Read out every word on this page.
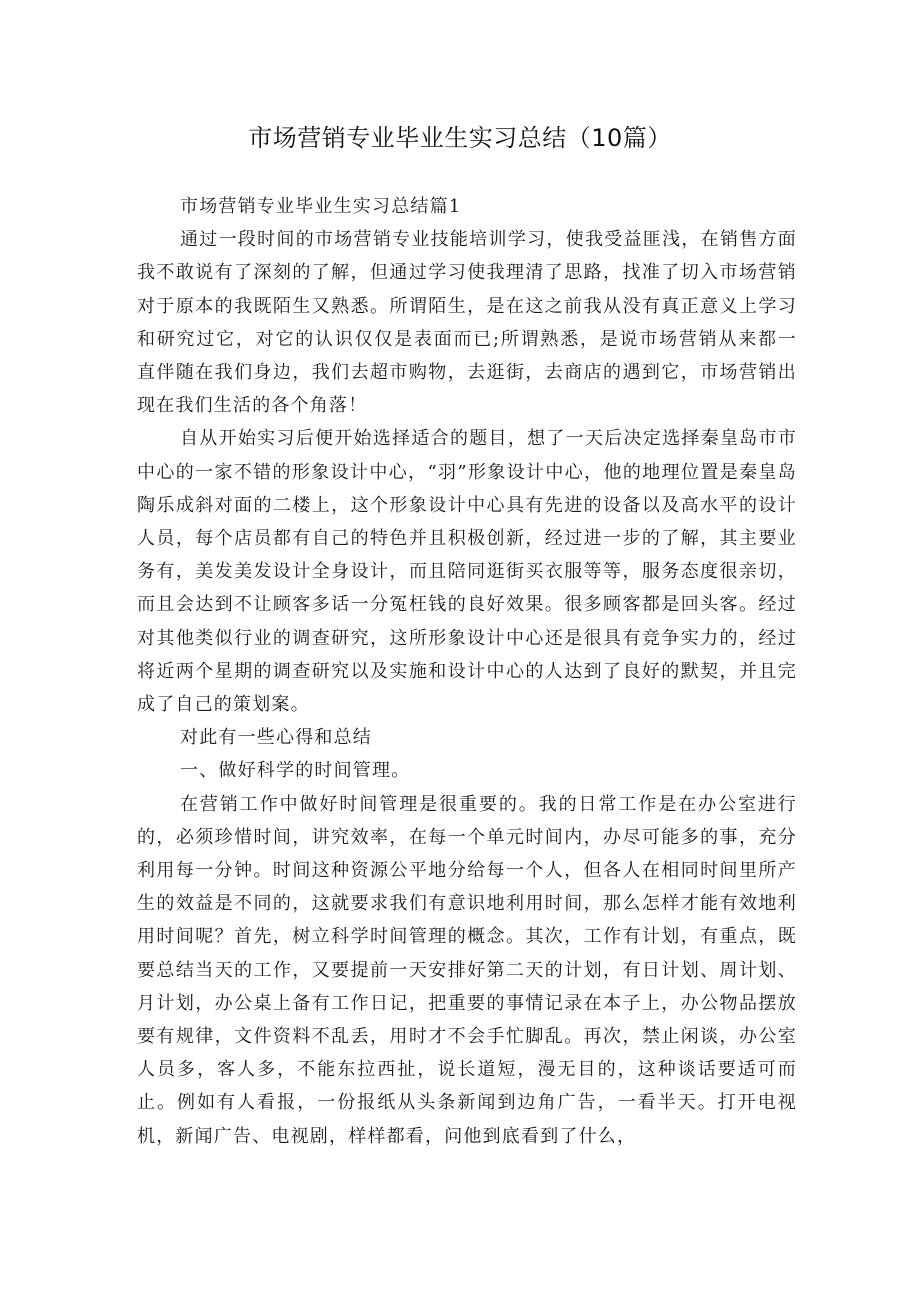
市场营销专业毕业生实习总结（10篇）

市场营销专业毕业生实习总结篇1

通过一段时间的市场营销专业技能培训学习，使我受益匪浅，在销售方面我不敢说有了深刻的了解，但通过学习使我理清了思路，找准了切入市场营销对于原本的我既陌生又熟悉。所谓陌生，是在这之前我从没有真正意义上学习和研究过它，对它的认识仅仅是表面而已;所谓熟悉，是说市场营销从来都一直伴随在我们身边，我们去超市购物，去逛街，去商店的遇到它，市场营销出现在我们生活的各个角落！

自从开始实习后便开始选择适合的题目，想了一天后决定选择秦皇岛市市中心的一家不错的形象设计中心，“羽”形象设计中心，他的地理位置是秦皇岛陶乐成斜对面的二楼上，这个形象设计中心具有先进的设备以及高水平的设计人员，每个店员都有自己的特色并且积极创新，经过进一步的了解，其主要业务有，美发美发设计全身设计，而且陪同逛街买衣服等等，服务态度很亲切，而且会达到不让顾客多话一分冤枉钱的良好效果。很多顾客都是回头客。经过对其他类似行业的调查研究，这所形象设计中心还是很具有竞争实力的，经过将近两个星期的调查研究以及实施和设计中心的人达到了良好的默契，并且完成了自己的策划案。

对此有一些心得和总结

一、做好科学的时间管理。

在营销工作中做好时间管理是很重要的。我的日常工作是在办公室进行的，必须珍惜时间，讲究效率，在每一个单元时间内，办尽可能多的事，充分利用每一分钟。时间这种资源公平地分给每一个人，但各人在相同时间里所产生的效益是不同的，这就要求我们有意识地利用时间，那么怎样才能有效地利用时间呢？首先，树立科学时间管理的概念。其次，工作有计划，有重点，既要总结当天的工作，又要提前一天安排好第二天的计划，有日计划、周计划、月计划，办公桌上备有工作日记，把重要的事情记录在本子上，办公物品摆放要有规律，文件资料不乱丢，用时才不会手忙脚乱。再次，禁止闲谈，办公室人员多，客人多，不能东拉西扯，说长道短，漫无目的，这种谈话要适可而止。例如有人看报，一份报纸从头条新闻到边角广告，一看半天。打开电视机，新闻广告、电视剧，样样都看，问他到底看到了什么，
